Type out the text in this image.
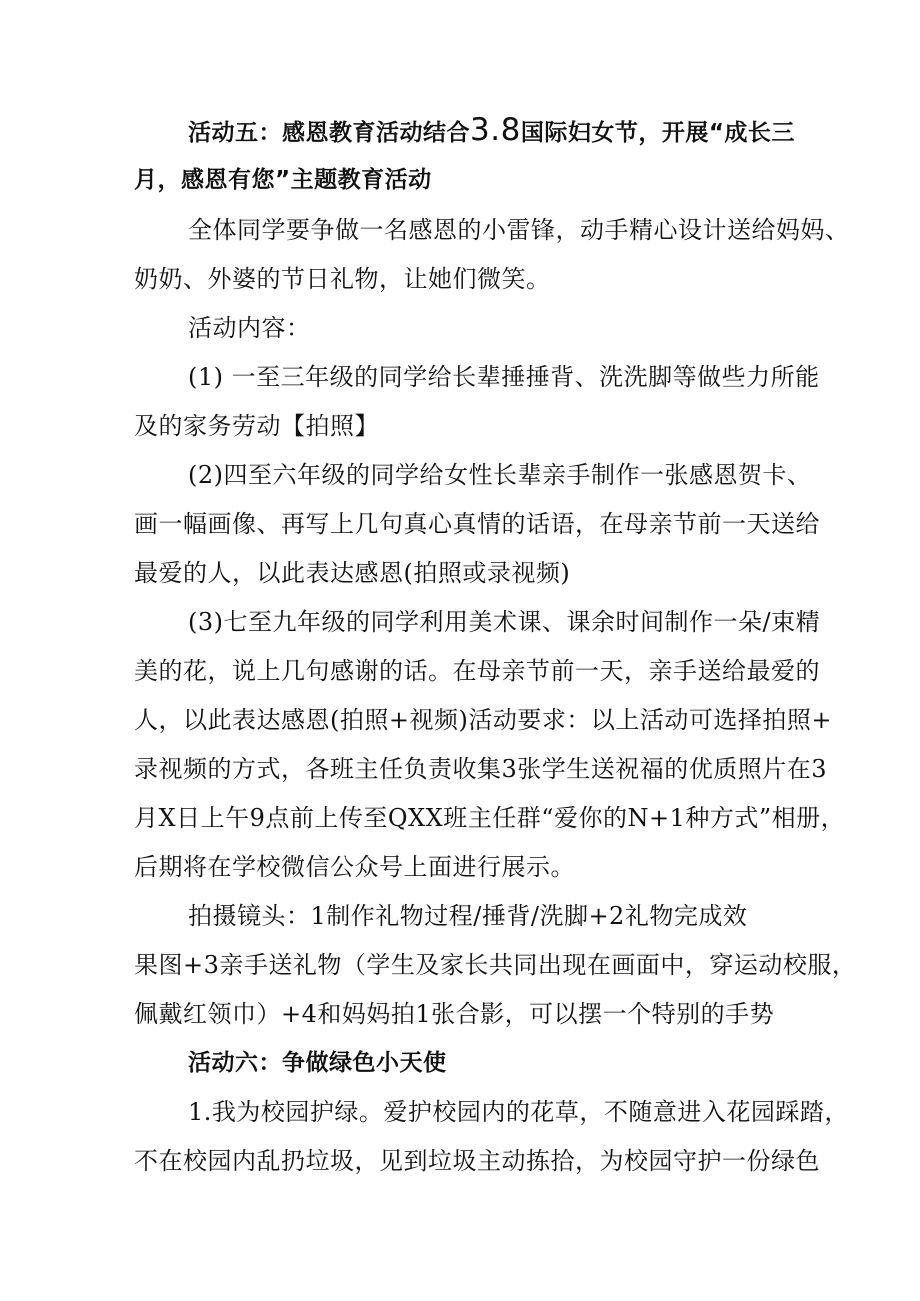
活动五：感恩教育活动结合3.8国际妇女节，开展“成长三
月，感恩有您”主题教育活动
全体同学要争做一名感恩的小雷锋，动手精心设计送给妈妈、
奶奶、外婆的节日礼物，让她们微笑。
活动内容：
(1) 一至三年级的同学给长辈捶捶背、洗洗脚等做些力所能
及的家务劳动【拍照】
(2)四至六年级的同学给女性长辈亲手制作一张感恩贺卡、
画一幅画像、再写上几句真心真情的话语，在母亲节前一天送给
最爱的人，以此表达感恩(拍照或录视频)
(3)七至九年级的同学利用美术课、课余时间制作一朵/束精
美的花，说上几句感谢的话。在母亲节前一天，亲手送给最爱的
人，以此表达感恩(拍照+视频)活动要求：以上活动可选择拍照+
录视频的方式，各班主任负责收集3张学生送祝福的优质照片在3
月X日上午9点前上传至QXX班主任群“爱你的N+1种方式”相册，
后期将在学校微信公众号上面进行展示。
拍摄镜头：1制作礼物过程/捶背/洗脚+2礼物完成效
果图+3亲手送礼物（学生及家长共同出现在画面中，穿运动校服，
佩戴红领巾）+4和妈妈拍1张合影，可以摆一个特别的手势
活动六：争做绿色小天使
1.我为校园护绿。爱护校园内的花草，不随意进入花园踩踏，
不在校园内乱扔垃圾，见到垃圾主动拣拾，为校园守护一份绿色
